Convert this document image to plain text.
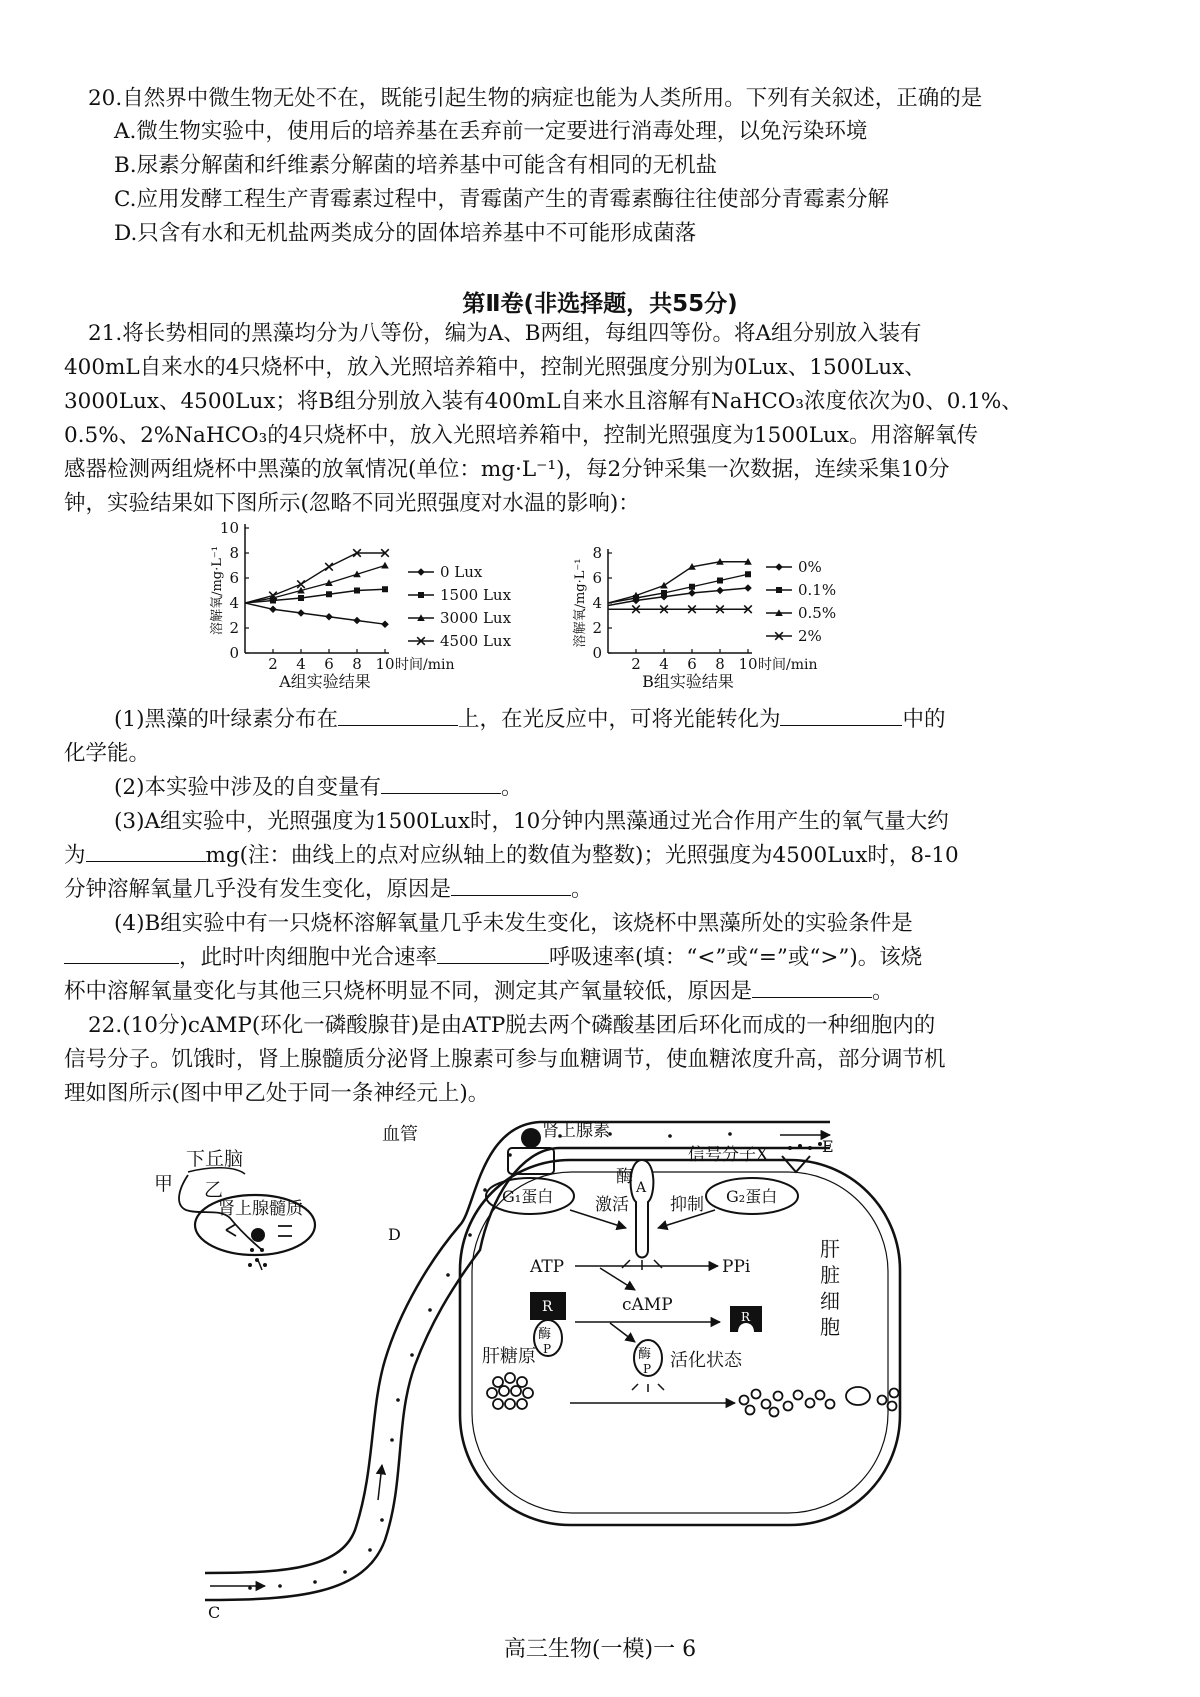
20.自然界中微生物无处不在，既能引起生物的病症也能为人类所用。下列有关叙述，正确的是
A.微生物实验中，使用后的培养基在丢弃前一定要进行消毒处理，以免污染环境
B.尿素分解菌和纤维素分解菌的培养基中可能含有相同的无机盐
C.应用发酵工程生产青霉素过程中，青霉菌产生的青霉素酶往往使部分青霉素分解
D.只含有水和无机盐两类成分的固体培养基中不可能形成菌落
第Ⅱ卷(非选择题，共55分)
21.将长势相同的黑藻均分为八等份，编为A、B两组，每组四等份。将A组分别放入装有
400mL自来水的4只烧杯中，放入光照培养箱中，控制光照强度分别为0Lux、1500Lux、
3000Lux、4500Lux；将B组分别放入装有400mL自来水且溶解有NaHCO₃浓度依次为0、0.1%、
0.5%、2%NaHCO₃的4只烧杯中，放入光照培养箱中，控制光照强度为1500Lux。用溶解氧传
感器检测两组烧杯中黑藻的放氧情况(单位：mg·L⁻¹)，每2分钟采集一次数据，连续采集10分
钟，实验结果如下图所示(忽略不同光照强度对水温的影响)：
0
2
4
6
8
10
2 4 6 8 10 时间/min
溶解氧/mg·L⁻¹
A组实验结果
0 Lux
1500 Lux
3000 Lux
4500 Lux
0
2
4
6
8
2 4 6 8 10 时间/min
溶解氧/mg·L⁻¹
B组实验结果
0%
0.1%
0.5%
2%
(1)黑藻的叶绿素分布在	上，在光反应中，可将光能转化为	中的
化学能。
(2)本实验中涉及的自变量有	。
(3)A组实验中，光照强度为1500Lux时，10分钟内黑藻通过光合作用产生的氧气量大约
为	mg(注：曲线上的点对应纵轴上的数值为整数)；光照强度为4500Lux时，8-10
分钟溶解氧量几乎没有发生变化，原因是	。
(4)B组实验中有一只烧杯溶解氧量几乎未发生变化，该烧杯中黑藻所处的实验条件是
，此时叶肉细胞中光合速率	呼吸速率(填：“<”或“=”或“>”)。该烧
杯中溶解氧量变化与其他三只烧杯明显不同，测定其产氧量较低，原因是	。
22.(10分)cAMP(环化一磷酸腺苷)是由ATP脱去两个磷酸基团后环化而成的一种细胞内的
信号分子。饥饿时，肾上腺髓质分泌肾上腺素可参与血糖调节，使血糖浓度升高，部分调节机
理如图所示(图中甲乙处于同一条神经元上)。
下丘脑
甲 乙
肾上腺髓质
血管
C
D
E
肾上腺素
信号分子X
G₁蛋白	G₂蛋白
酶
A
激活 抑制
ATP	PPi
cAMP
R
酶
P
R
酶
P 活化状态
肝糖原
肝
脏
细
胞
高三生物(一模)一 6
